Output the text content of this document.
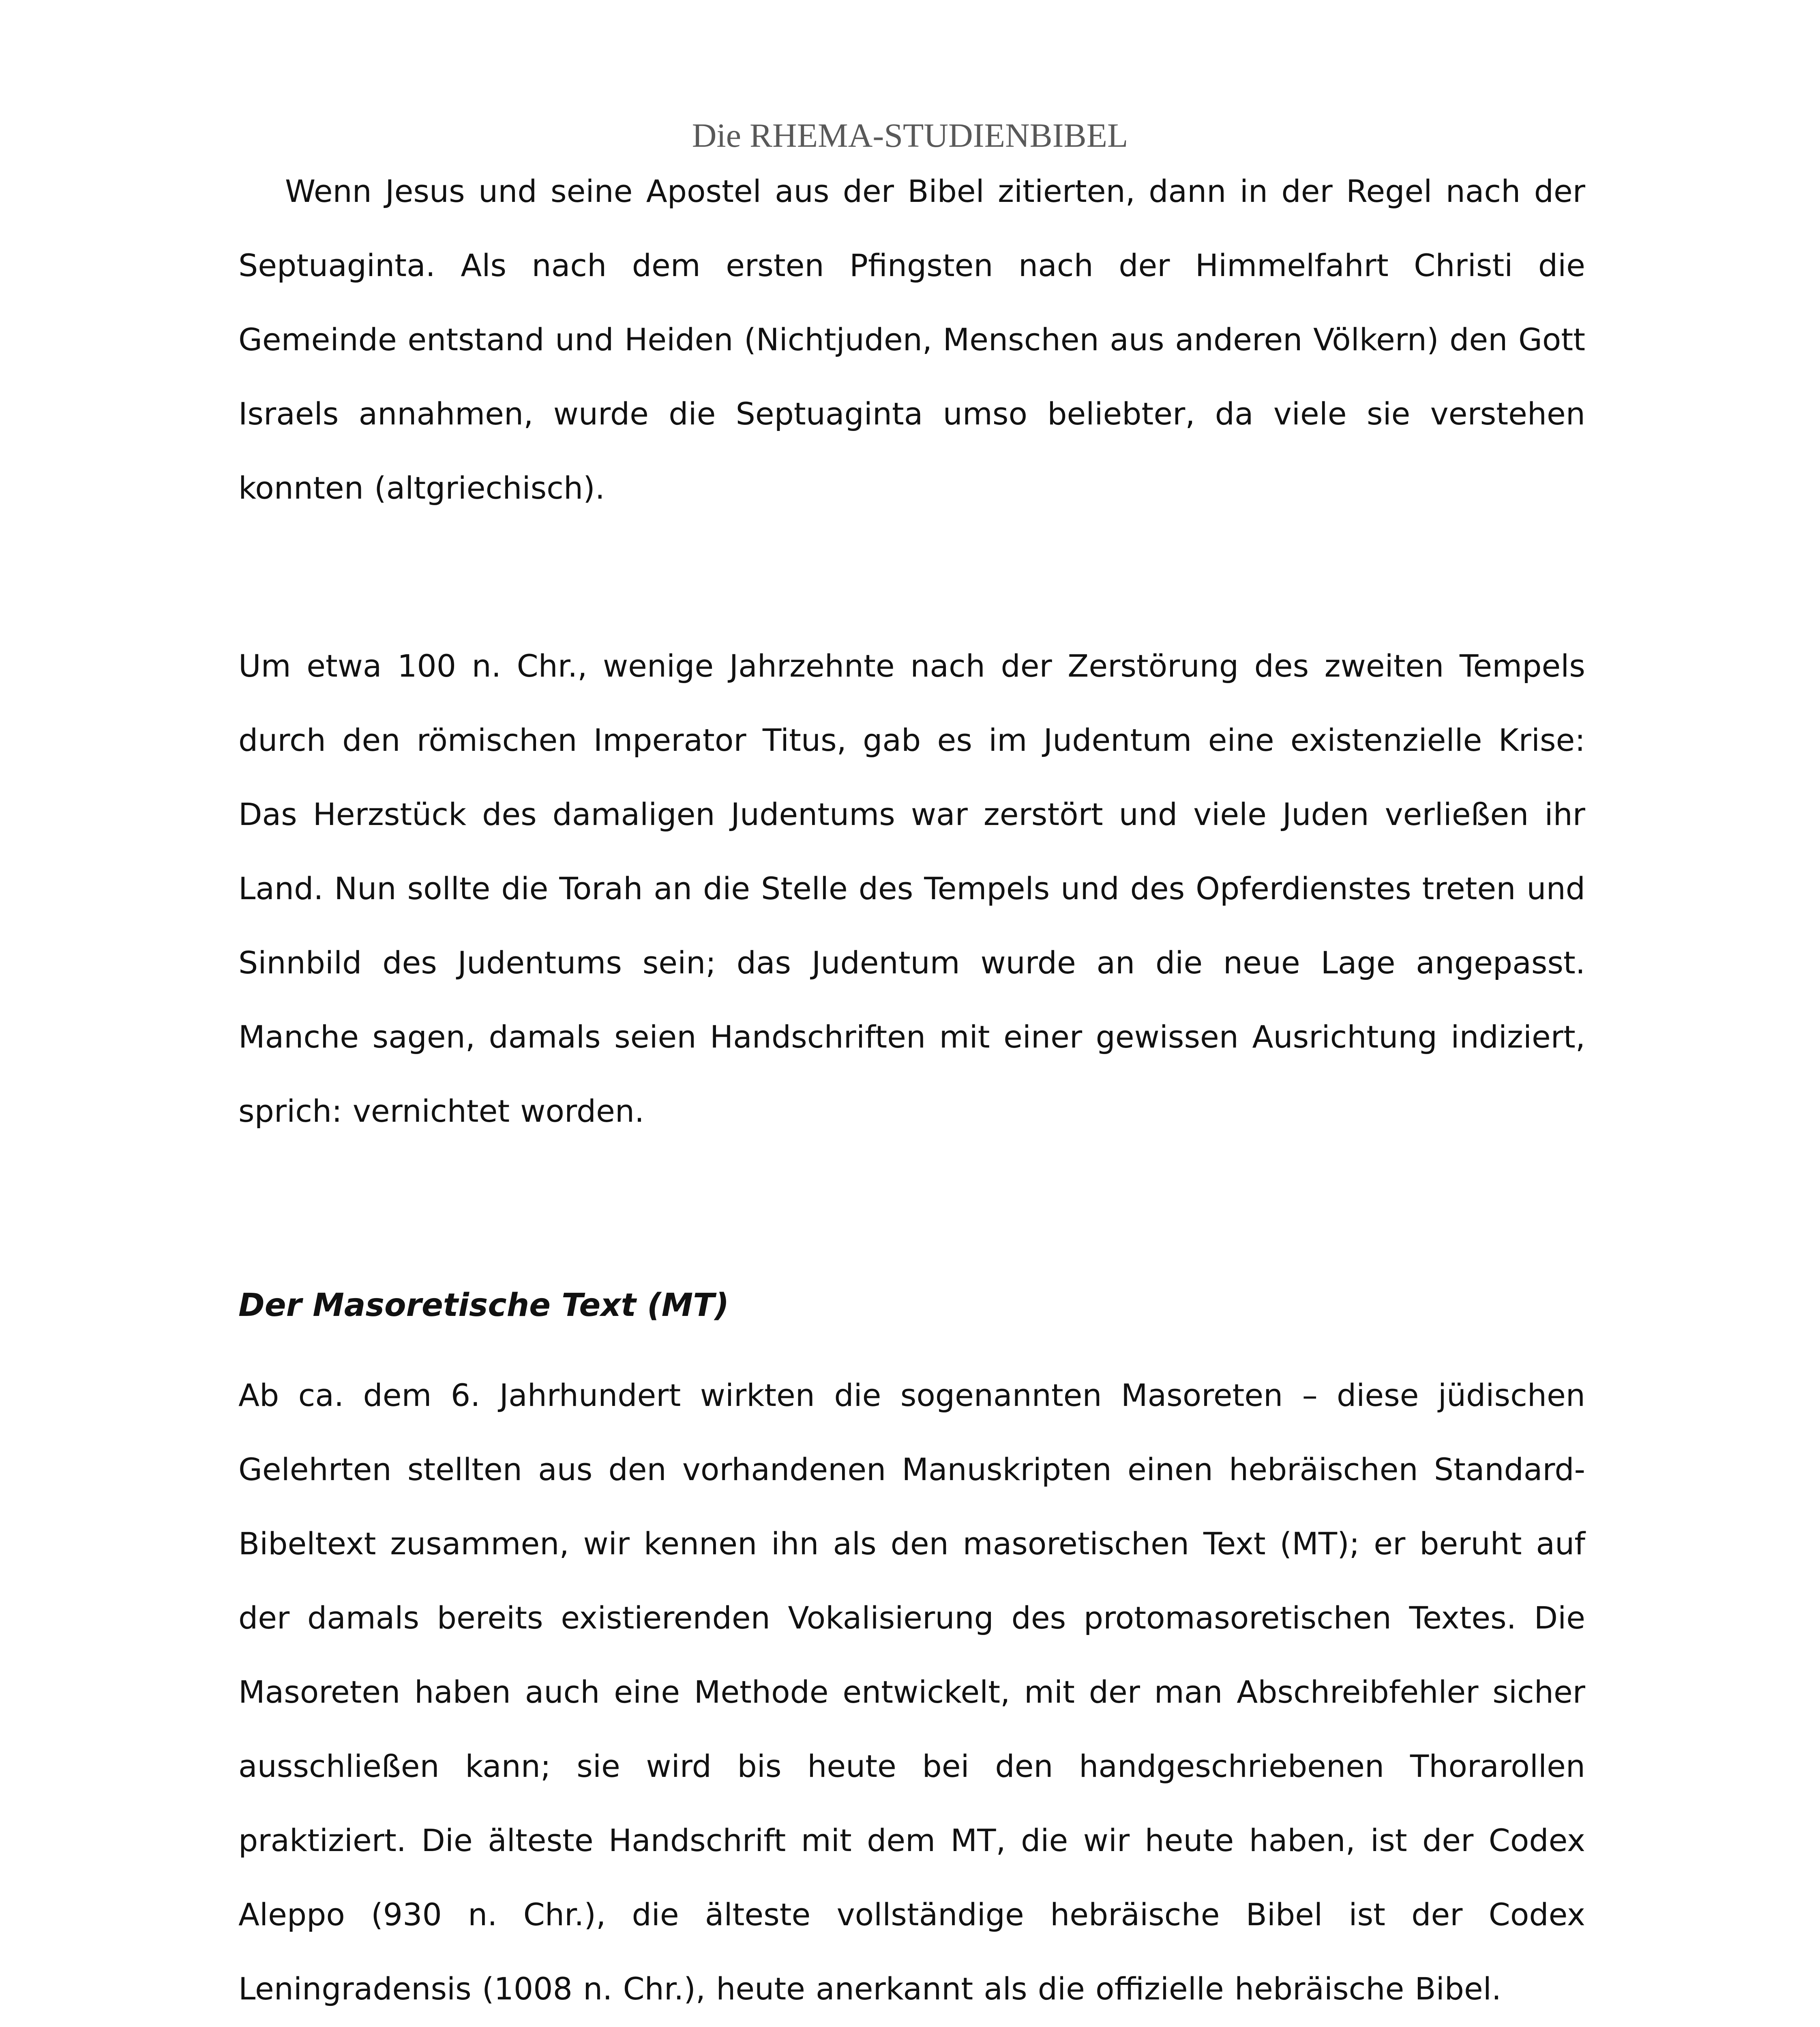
Die RHEMA-STUDIENBIBEL

Wenn Jesus und seine Apostel aus der Bibel zitierten, dann in der Regel nach der Septuaginta. Als nach dem ersten Pfingsten nach der Himmelfahrt Christi die Gemeinde entstand und Heiden (Nichtjuden, Menschen aus anderen Völkern) den Gott Israels annahmen, wurde die Septuaginta umso beliebter, da viele sie verstehen konnten (altgriechisch).

Um etwa 100 n. Chr., wenige Jahrzehnte nach der Zerstörung des zweiten Tempels durch den römischen Imperator Titus, gab es im Judentum eine existenzielle Krise: Das Herzstück des damaligen Judentums war zerstört und viele Juden verließen ihr Land. Nun sollte die Torah an die Stelle des Tempels und des Opferdienstes treten und Sinnbild des Judentums sein; das Judentum wurde an die neue Lage angepasst. Manche sagen, damals seien Handschriften mit einer gewissen Ausrichtung indiziert, sprich: vernichtet worden.

Der Masoretische Text (MT)

Ab ca. dem 6. Jahrhundert wirkten die sogenannten Masoreten – diese jüdischen Gelehrten stellten aus den vorhandenen Manuskripten einen hebräischen Standard-Bibeltext zusammen, wir kennen ihn als den masoretischen Text (MT); er beruht auf der damals bereits existierenden Vokalisierung des protomasoretischen Textes. Die Masoreten haben auch eine Methode entwickelt, mit der man Abschreibfehler sicher ausschließen kann; sie wird bis heute bei den handgeschriebenen Thorarollen praktiziert. Die älteste Handschrift mit dem MT, die wir heute haben, ist der Codex Aleppo (930 n. Chr.), die älteste vollständige hebräische Bibel ist der Codex Leningradensis (1008 n. Chr.), heute anerkannt als die offizielle hebräische Bibel.
